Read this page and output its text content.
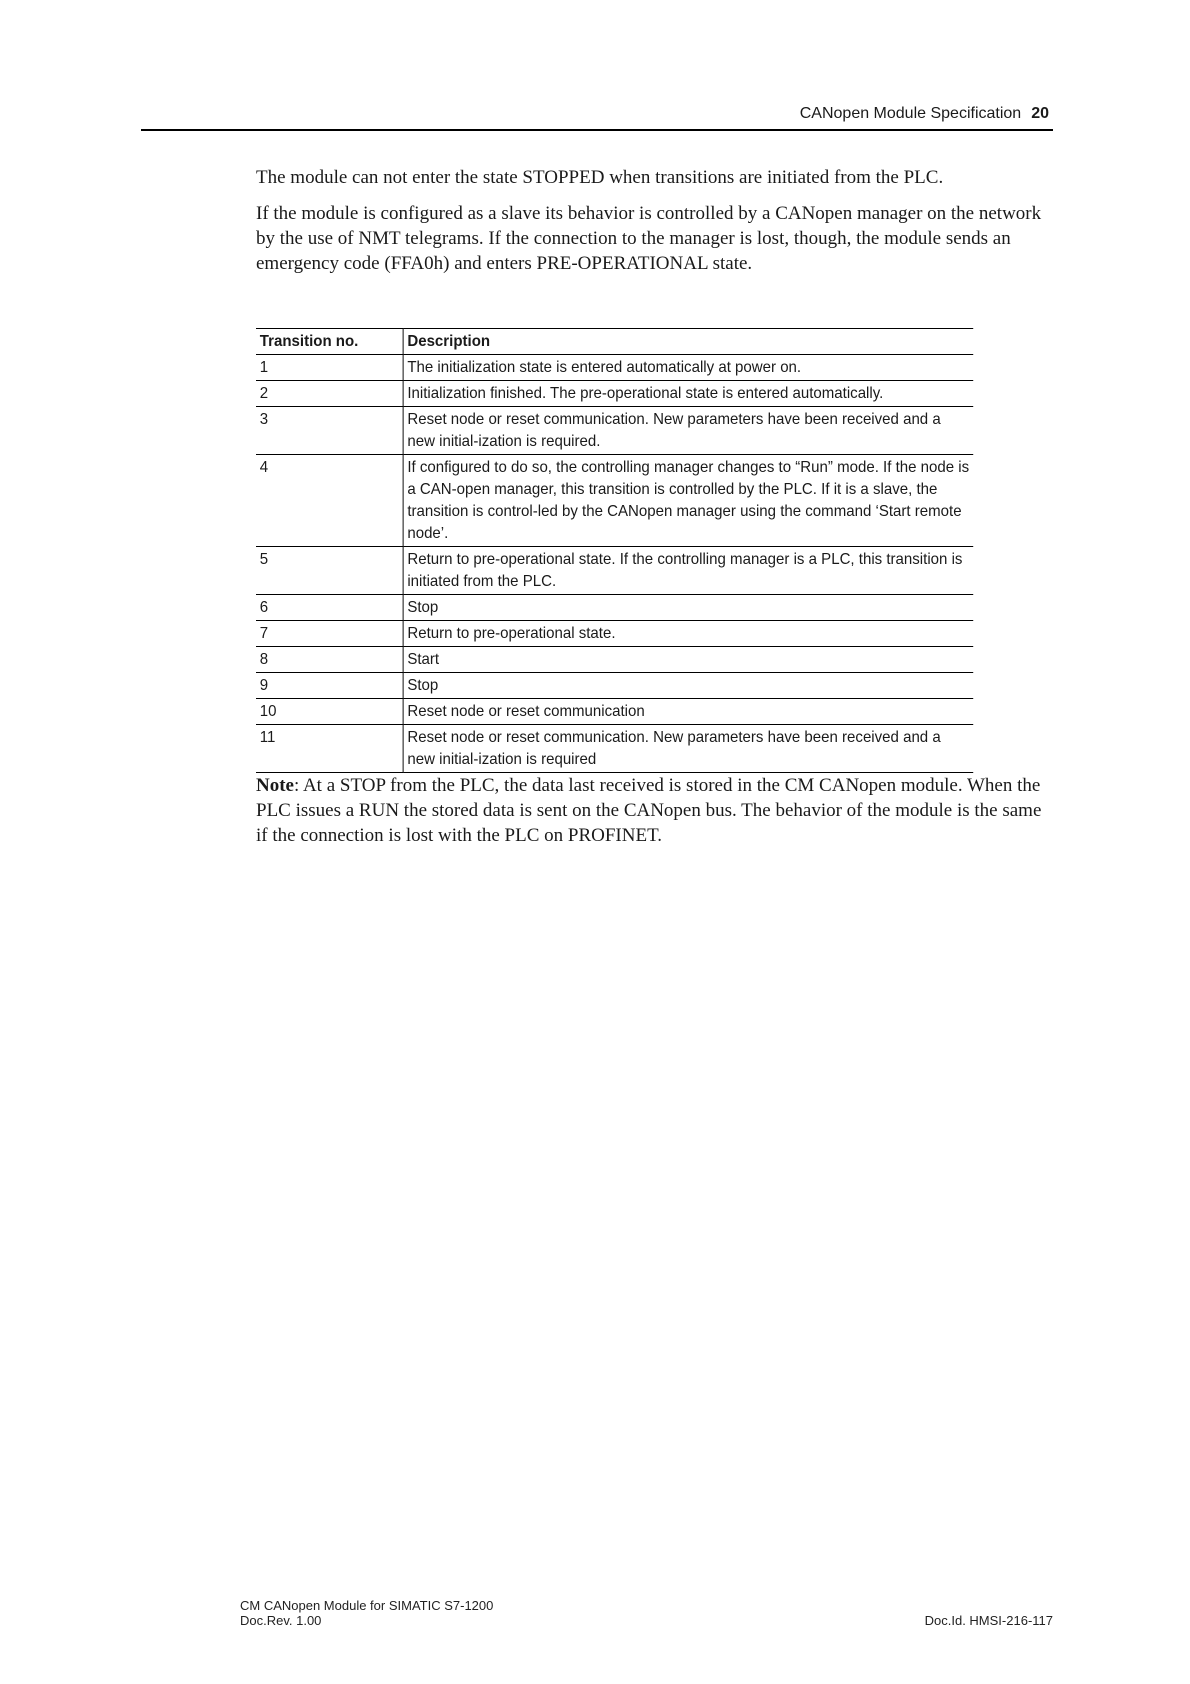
CANopen Module Specification 20

The module can not enter the state STOPPED when transitions are initiated from the PLC.

If the module is configured as a slave its behavior is controlled by a CANopen manager on the network by the use of NMT telegrams. If the connection to the manager is lost, though, the module sends an emergency code (FFA0h) and enters PRE-OPERATIONAL state.

Transition no.	Description
1	The initialization state is entered automatically at power on.
2	Initialization finished. The pre-operational state is entered automatically.
3	Reset node or reset communication. New parameters have been received and a new initial-ization is required.
4	If configured to do so, the controlling manager changes to “Run” mode. If the node is a CAN-open manager, this transition is controlled by the PLC. If it is a slave, the transition is control-led by the CANopen manager using the command ‘Start remote node’.
5	Return to pre-operational state. If the controlling manager is a PLC, this transition is initiated from the PLC.
6	Stop
7	Return to pre-operational state.
8	Start
9	Stop
10	Reset node or reset communication
11	Reset node or reset communication. New parameters have been received and a new initial-ization is required

Note: At a STOP from the PLC, the data last received is stored in the CM CANopen module. When the PLC issues a RUN the stored data is sent on the CANopen bus. The behavior of the module is the same if the connection is lost with the PLC on PROFINET.

CM CANopen Module for SIMATIC S7-1200
Doc.Rev. 1.00	Doc.Id. HMSI-216-117
